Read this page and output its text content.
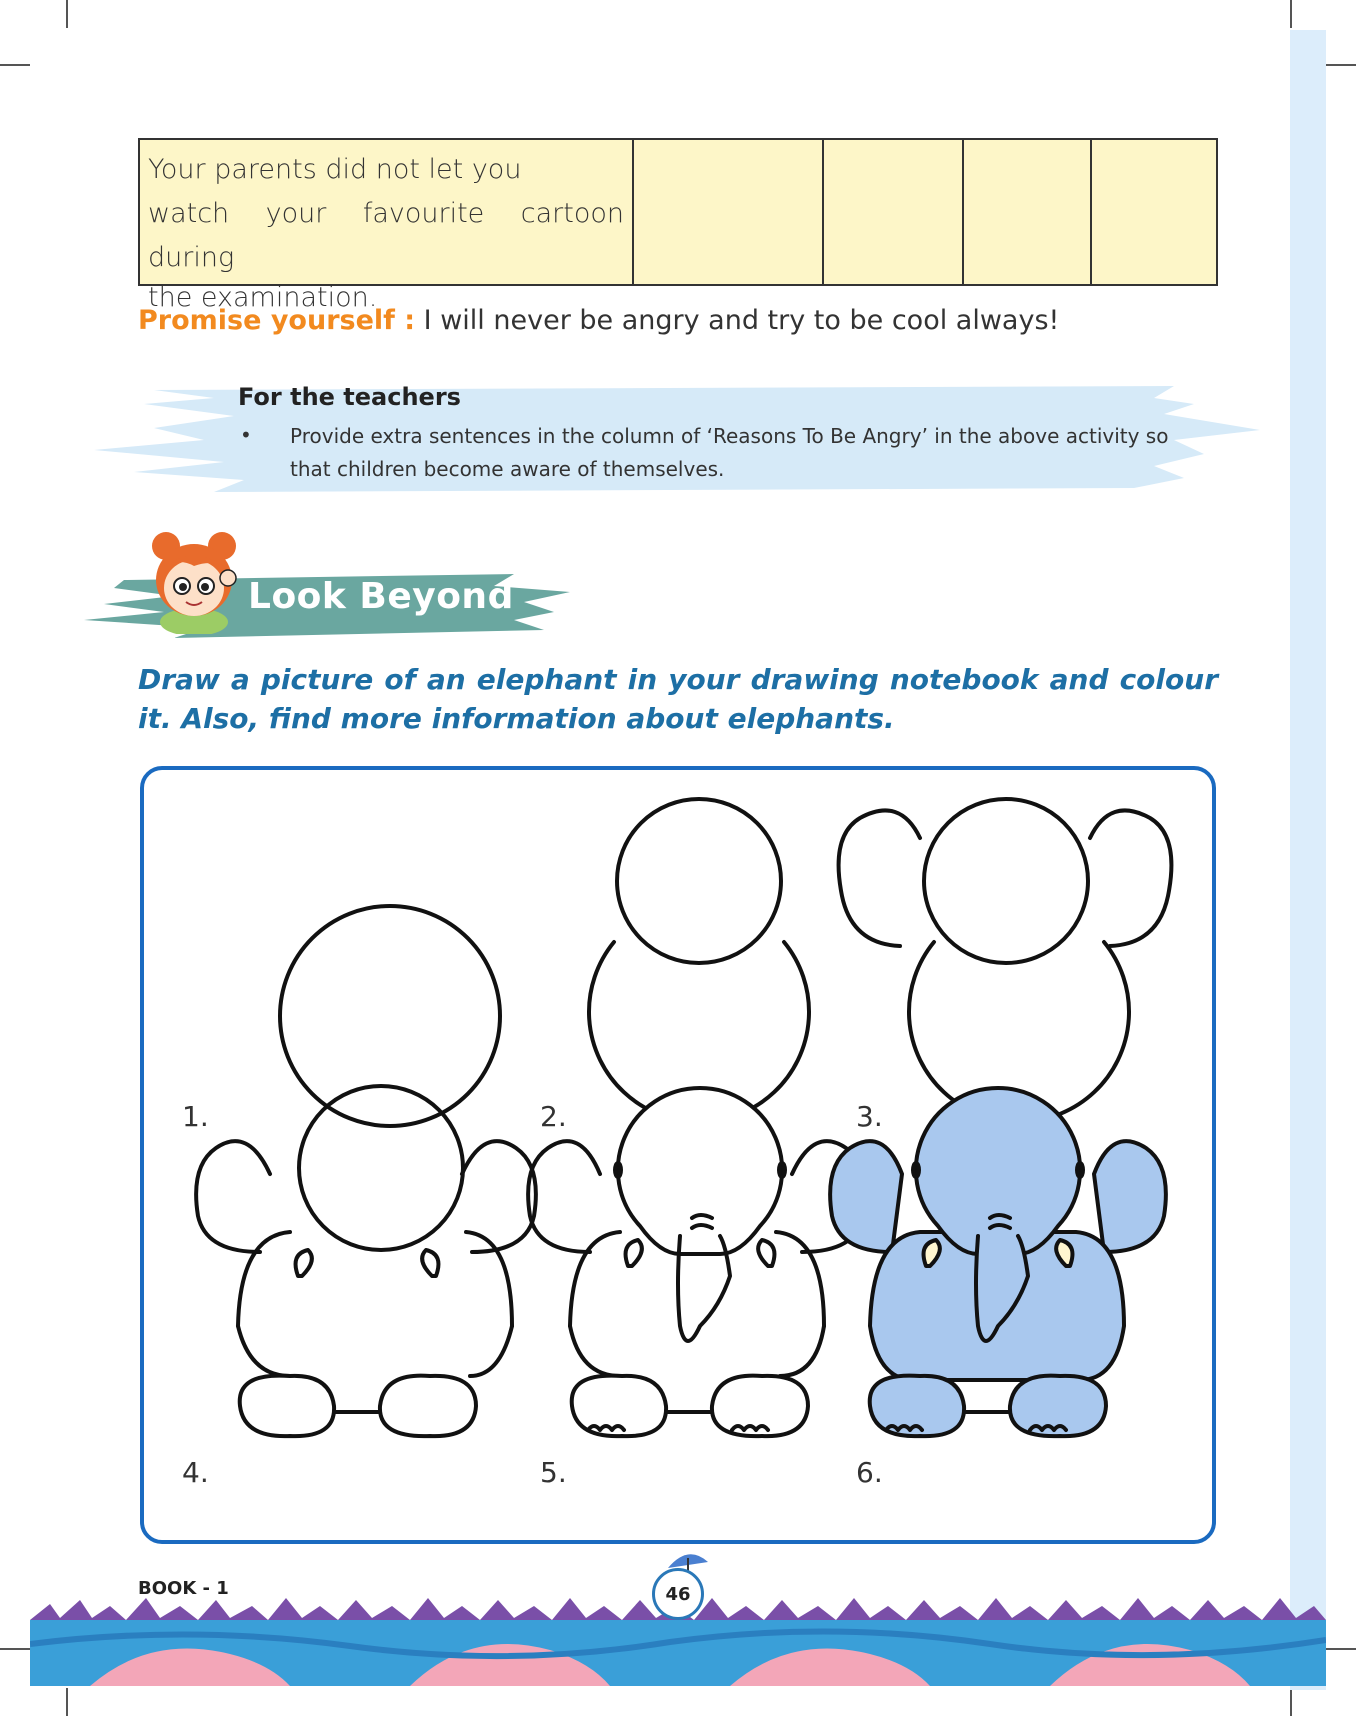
Your parents did not let you
watch your favourite cartoon during
the examination.
Promise yourself : I will never be angry and try to be cool always!
For the teachers
• Provide extra sentences in the column of ‘Reasons To Be Angry’ in the above activity so that children become aware of themselves.
Look Beyond
Draw a picture of an elephant in your drawing notebook and colour it. Also, find more information about elephants.
1.	2.	3.
4.	5.	6.
BOOK - 1	46
